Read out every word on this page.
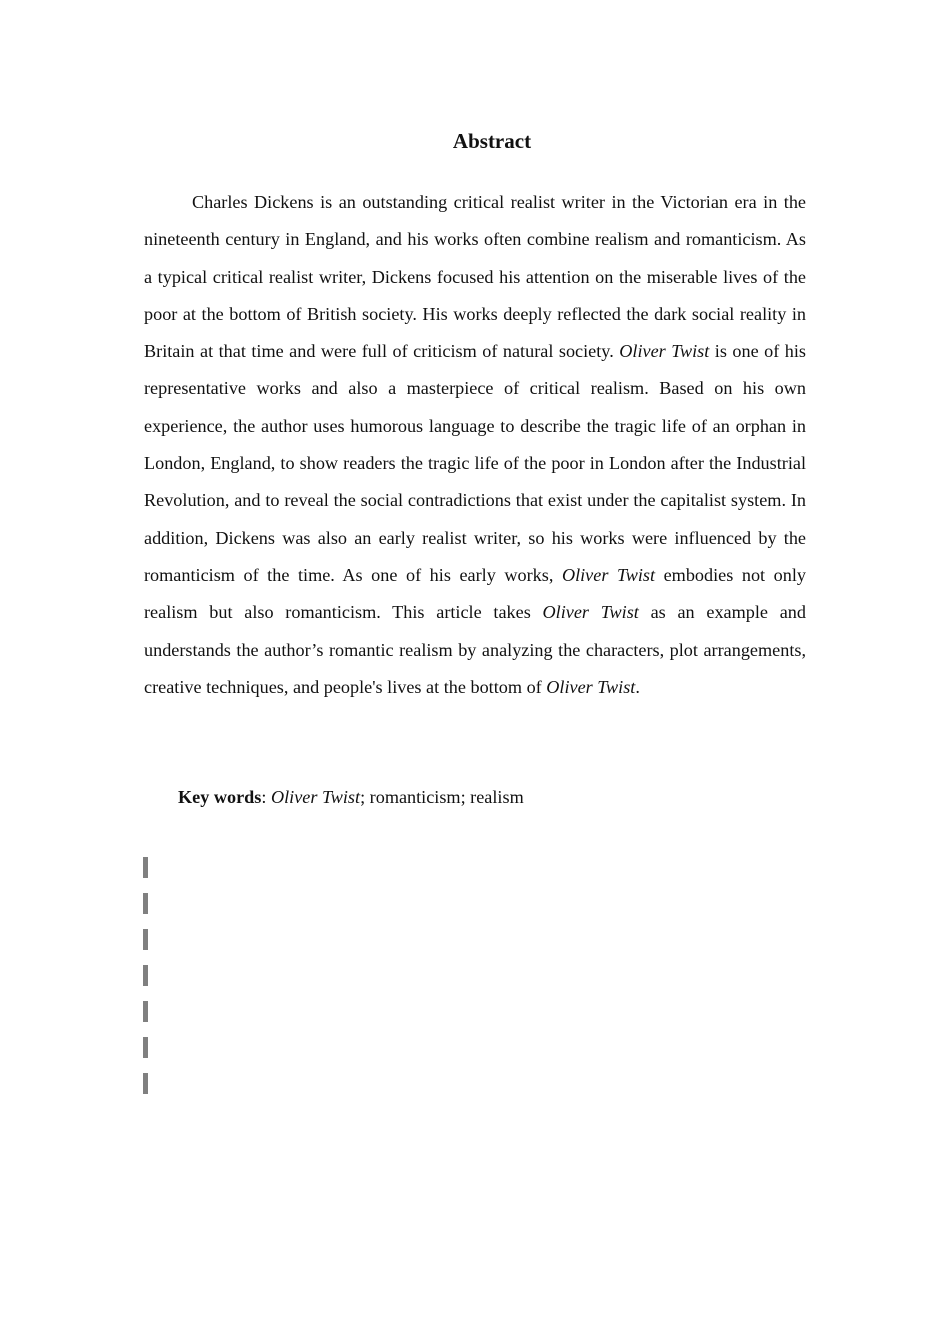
Abstract

Charles Dickens is an outstanding critical realist writer in the Victorian era in the nineteenth century in England, and his works often combine realism and romanticism. As a typical critical realist writer, Dickens focused his attention on the miserable lives of the poor at the bottom of British society. His works deeply reflected the dark social reality in Britain at that time and were full of criticism of natural society. Oliver Twist is one of his representative works and also a masterpiece of critical realism. Based on his own experience, the author uses humorous language to describe the tragic life of an orphan in London, England, to show readers the tragic life of the poor in London after the Industrial Revolution, and to reveal the social contradictions that exist under the capitalist system. In addition, Dickens was also an early realist writer, so his works were influenced by the romanticism of the time. As one of his early works, Oliver Twist embodies not only realism but also romanticism. This article takes Oliver Twist as an example and understands the author’s romantic realism by analyzing the characters, plot arrangements, creative techniques, and people's lives at the bottom of Oliver Twist.

Key words: Oliver Twist; romanticism; realism
